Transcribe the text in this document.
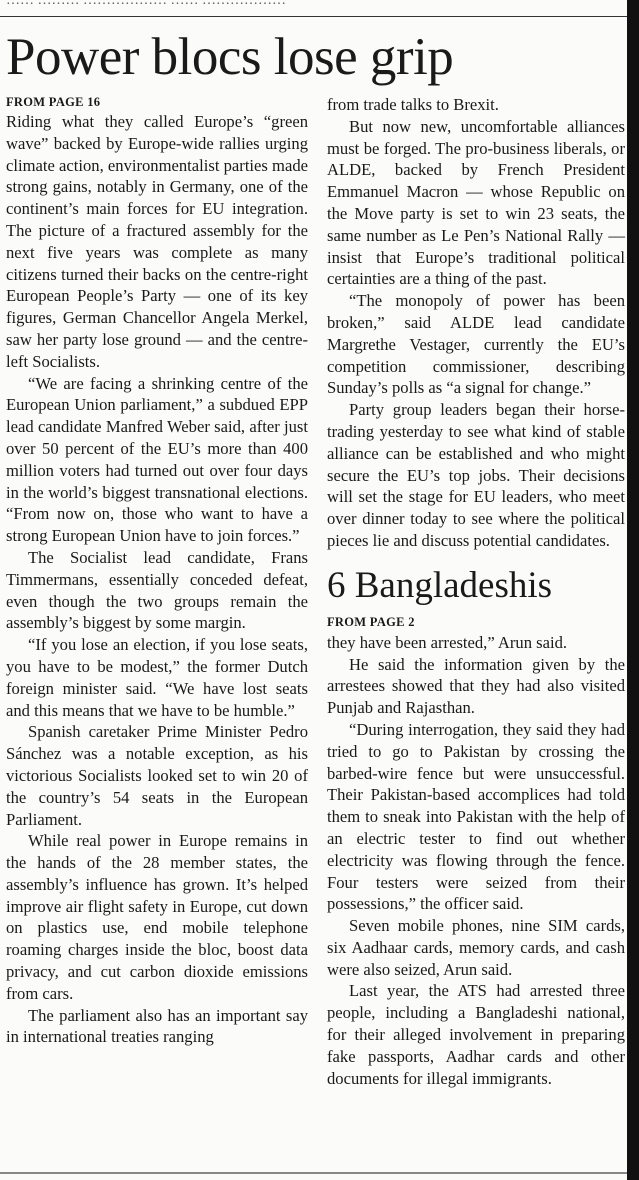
…… ……… ……………… …… ………………
Power blocs lose grip

FROM PAGE 16

Riding what they called Europe’s “green wave” backed by Europe-wide rallies urging climate action, environmentalist parties made strong gains, notably in Germany, one of the continent’s main forces for EU integration. The picture of a fractured assembly for the next five years was complete as many citizens turned their backs on the centre-right European People’s Party — one of its key figures, German Chancellor Angela Merkel, saw her party lose ground — and the centre-left Socialists.

“We are facing a shrinking centre of the European Union parliament,” a subdued EPP lead candidate Manfred Weber said, after just over 50 percent of the EU’s more than 400 million voters had turned out over four days in the world’s biggest transnational elections. “From now on, those who want to have a strong European Union have to join forces.”

The Socialist lead candidate, Frans Timmermans, essentially conceded defeat, even though the two groups remain the assembly’s biggest by some margin.

“If you lose an election, if you lose seats, you have to be modest,” the former Dutch foreign minister said. “We have lost seats and this means that we have to be humble.”

Spanish caretaker Prime Minister Pedro Sánchez was a notable exception, as his victorious Socialists looked set to win 20 of the country’s 54 seats in the European Parliament.

While real power in Europe remains in the hands of the 28 member states, the assembly’s influence has grown. It’s helped improve air flight safety in Europe, cut down on plastics use, end mobile telephone roaming charges inside the bloc, boost data privacy, and cut carbon dioxide emissions from cars.

The parliament also has an important say in international treaties ranging

from trade talks to Brexit.

But now new, uncomfortable alliances must be forged. The pro-business liberals, or ALDE, backed by French President Emmanuel Macron — whose Republic on the Move party is set to win 23 seats, the same number as Le Pen’s National Rally — insist that Europe’s traditional political certainties are a thing of the past.

“The monopoly of power has been broken,” said ALDE lead candidate Margrethe Vestager, currently the EU’s competition commissioner, describing Sunday’s polls as “a signal for change.”

Party group leaders began their horse-trading yesterday to see what kind of stable alliance can be established and who might secure the EU’s top jobs. Their decisions will set the stage for EU leaders, who meet over dinner today to see where the political pieces lie and discuss potential candidates.

6 Bangladeshis

FROM PAGE 2

they have been arrested,” Arun said.

He said the information given by the arrestees showed that they had also visited Punjab and Rajasthan.

“During interrogation, they said they had tried to go to Pakistan by crossing the barbed-wire fence but were unsuccessful. Their Pakistan-based accomplices had told them to sneak into Pakistan with the help of an electric tester to find out whether electricity was flowing through the fence. Four testers were seized from their possessions,” the officer said.

Seven mobile phones, nine SIM cards, six Aadhaar cards, memory cards, and cash were also seized, Arun said.

Last year, the ATS had arrested three people, including a Bangladeshi national, for their alleged involvement in preparing fake passports, Aadhar cards and other documents for illegal immigrants.
